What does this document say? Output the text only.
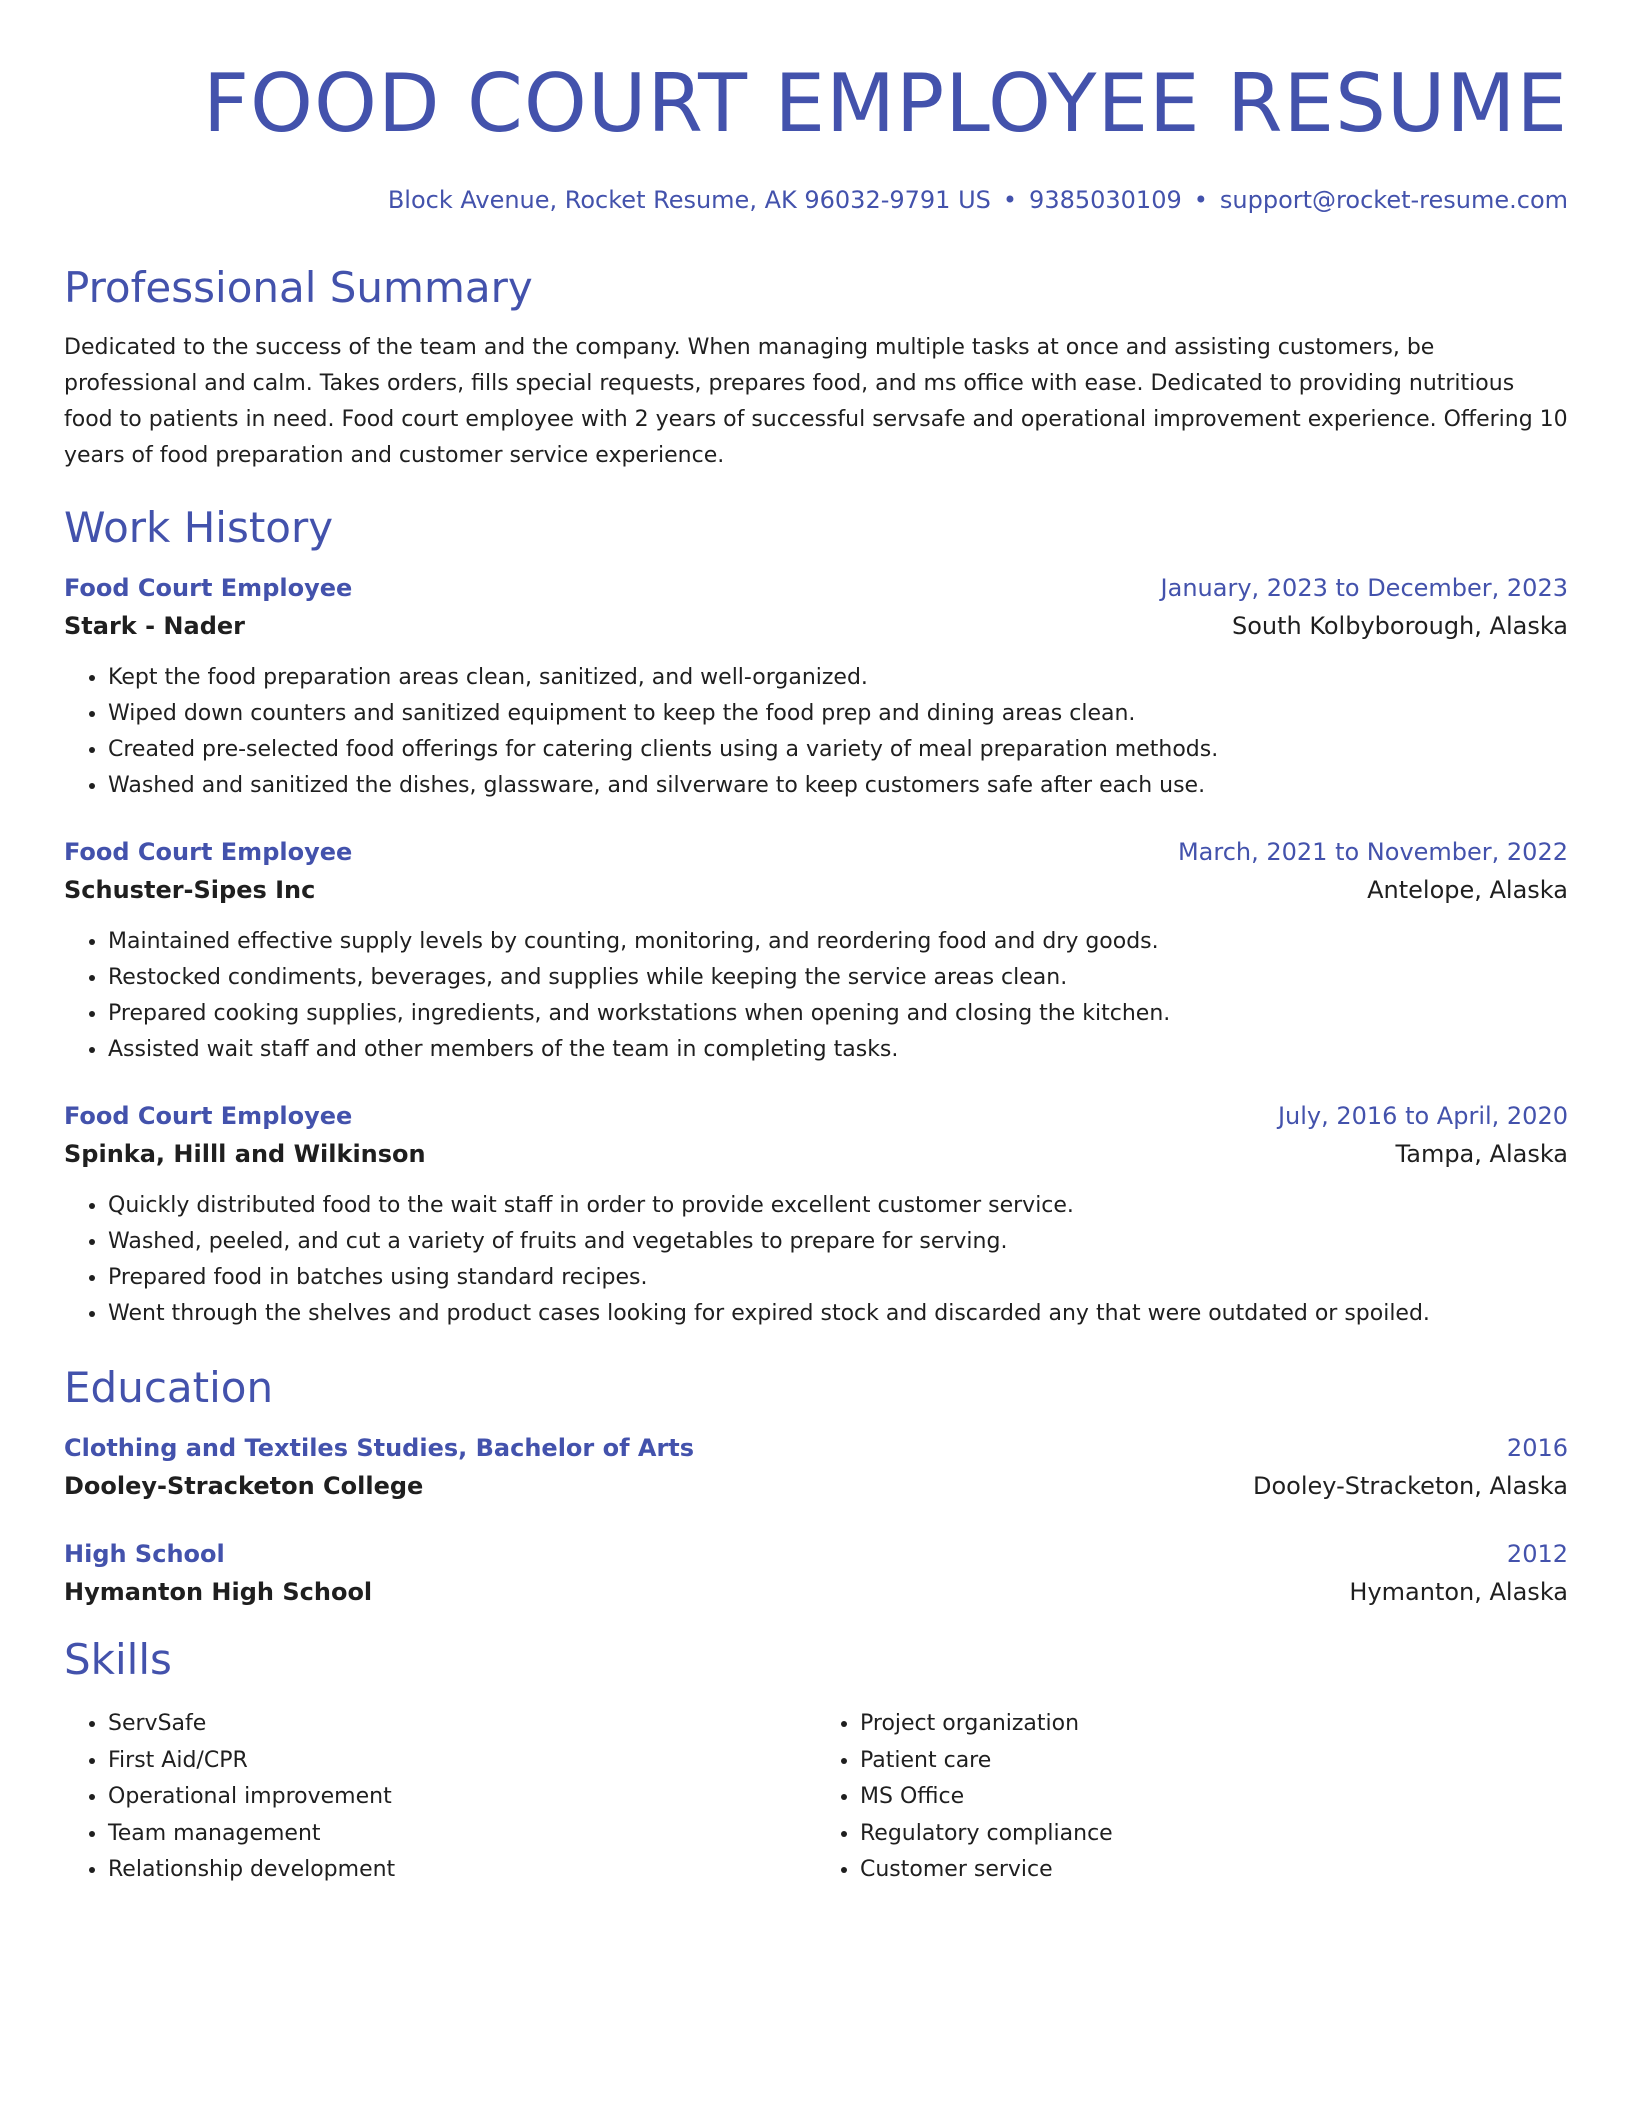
FOOD COURT EMPLOYEE RESUME
Block Avenue, Rocket Resume, AK 96032-9791 US • 9385030109 • support@rocket-resume.com
Professional Summary

Dedicated to the success of the team and the company. When managing multiple tasks at once and assisting customers, be professional and calm. Takes orders, fills special requests, prepares food, and ms office with ease. Dedicated to providing nutritious food to patients in need. Food court employee with 2 years of successful servsafe and operational improvement experience. Offering 10 years of food preparation and customer service experience.

Work History
Food Court Employee	January, 2023 to December, 2023
Stark - Nader	South Kolbyborough, Alaska
• Kept the food preparation areas clean, sanitized, and well-organized.
• Wiped down counters and sanitized equipment to keep the food prep and dining areas clean.
• Created pre-selected food offerings for catering clients using a variety of meal preparation methods.
• Washed and sanitized the dishes, glassware, and silverware to keep customers safe after each use.
Food Court Employee	March, 2021 to November, 2022
Schuster-Sipes Inc	Antelope, Alaska
• Maintained effective supply levels by counting, monitoring, and reordering food and dry goods.
• Restocked condiments, beverages, and supplies while keeping the service areas clean.
• Prepared cooking supplies, ingredients, and workstations when opening and closing the kitchen.
• Assisted wait staff and other members of the team in completing tasks.
Food Court Employee	July, 2016 to April, 2020
Spinka, Hilll and Wilkinson	Tampa, Alaska
• Quickly distributed food to the wait staff in order to provide excellent customer service.
• Washed, peeled, and cut a variety of fruits and vegetables to prepare for serving.
• Prepared food in batches using standard recipes.
• Went through the shelves and product cases looking for expired stock and discarded any that were outdated or spoiled.
Education
Clothing and Textiles Studies, Bachelor of Arts	2016
Dooley-Stracketon College	Dooley-Stracketon, Alaska
High School	2012
Hymanton High School	Hymanton, Alaska
Skills
• ServSafe
• First Aid/CPR
• Operational improvement
• Team management
• Relationship development
• Project organization
• Patient care
• MS Office
• Regulatory compliance
• Customer service
